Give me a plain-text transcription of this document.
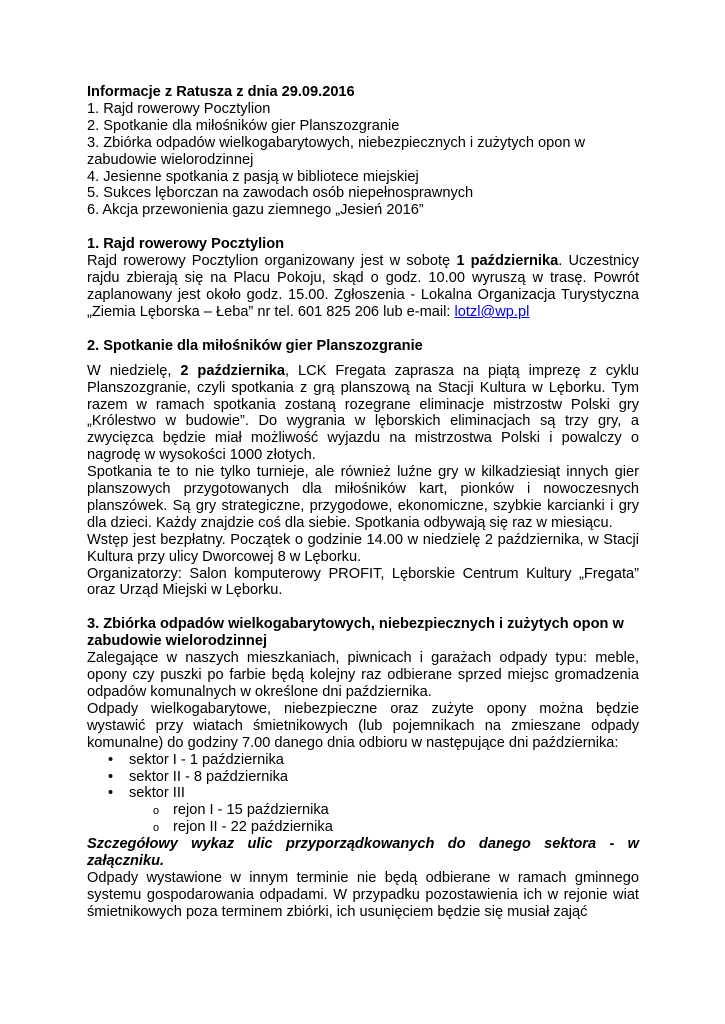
Informacje z Ratusza z dnia 29.09.2016

1. Rajd rowerowy Pocztylion

2. Spotkanie dla miłośników gier Planszozgranie

3. Zbiórka odpadów wielkogabarytowych, niebezpiecznych i zużytych opon w zabudowie wielorodzinnej

4. Jesienne spotkania z pasją w bibliotece miejskiej

5. Sukces lęborczan na zawodach osób niepełnosprawnych

6. Akcja przewonienia gazu ziemnego „Jesień 2016”

1. Rajd rowerowy Pocztylion

Rajd rowerowy Pocztylion organizowany jest w sobotę 1 października. Uczestnicy rajdu zbierają się na Placu Pokoju, skąd o godz. 10.00 wyruszą w trasę. Powrót zaplanowany jest około godz. 15.00. Zgłoszenia - Lokalna Organizacja Turystyczna „Ziemia Lęborska – Łeba” nr tel. 601 825 206 lub e-mail: lotzl@wp.pl

2. Spotkanie dla miłośników gier Planszozgranie

W niedzielę, 2 października, LCK Fregata zaprasza na piątą imprezę z cyklu Planszozgranie, czyli spotkania z grą planszową na Stacji Kultura w Lęborku. Tym razem w ramach spotkania zostaną rozegrane eliminacje mistrzostw Polski gry „Królestwo w budowie”. Do wygrania w lęborskich eliminacjach są trzy gry, a zwycięzca będzie miał możliwość wyjazdu na mistrzostwa Polski i powalczy o nagrodę w wysokości 1000 złotych.

Spotkania te to nie tylko turnieje, ale również luźne gry w kilkadziesiąt innych gier planszowych przygotowanych dla miłośników kart, pionków i nowoczesnych planszówek. Są gry strategiczne, przygodowe, ekonomiczne, szybkie karcianki i gry dla dzieci. Każdy znajdzie coś dla siebie. Spotkania odbywają się raz w miesiącu.

Wstęp jest bezpłatny. Początek o godzinie 14.00 w niedzielę 2 października, w Stacji Kultura przy ulicy Dworcowej 8 w Lęborku.

Organizatorzy: Salon komputerowy PROFIT, Lęborskie Centrum Kultury „Fregata” oraz Urząd Miejski w Lęborku.

3. Zbiórka odpadów wielkogabarytowych, niebezpiecznych i zużytych opon w zabudowie wielorodzinnej

Zalegające w naszych mieszkaniach, piwnicach i garażach odpady typu: meble, opony czy puszki po farbie będą kolejny raz odbierane sprzed miejsc gromadzenia odpadów komunalnych w określone dni października.

Odpady wielkogabarytowe, niebezpieczne oraz zużyte opony można będzie wystawić przy wiatach śmietnikowych (lub pojemnikach na zmieszane odpady komunalne) do godziny 7.00 danego dnia odbioru w następujące dni października:

• sektor I - 1 października
• sektor II - 8 października
• sektor III
o rejon I - 15 października
o rejon II - 22 października

Szczegółowy wykaz ulic przyporządkowanych do danego sektora - w załączniku.

Odpady wystawione w innym terminie nie będą odbierane w ramach gminnego systemu gospodarowania odpadami. W przypadku pozostawienia ich w rejonie wiat śmietnikowych poza terminem zbiórki, ich usunięciem będzie się musiał zająć
